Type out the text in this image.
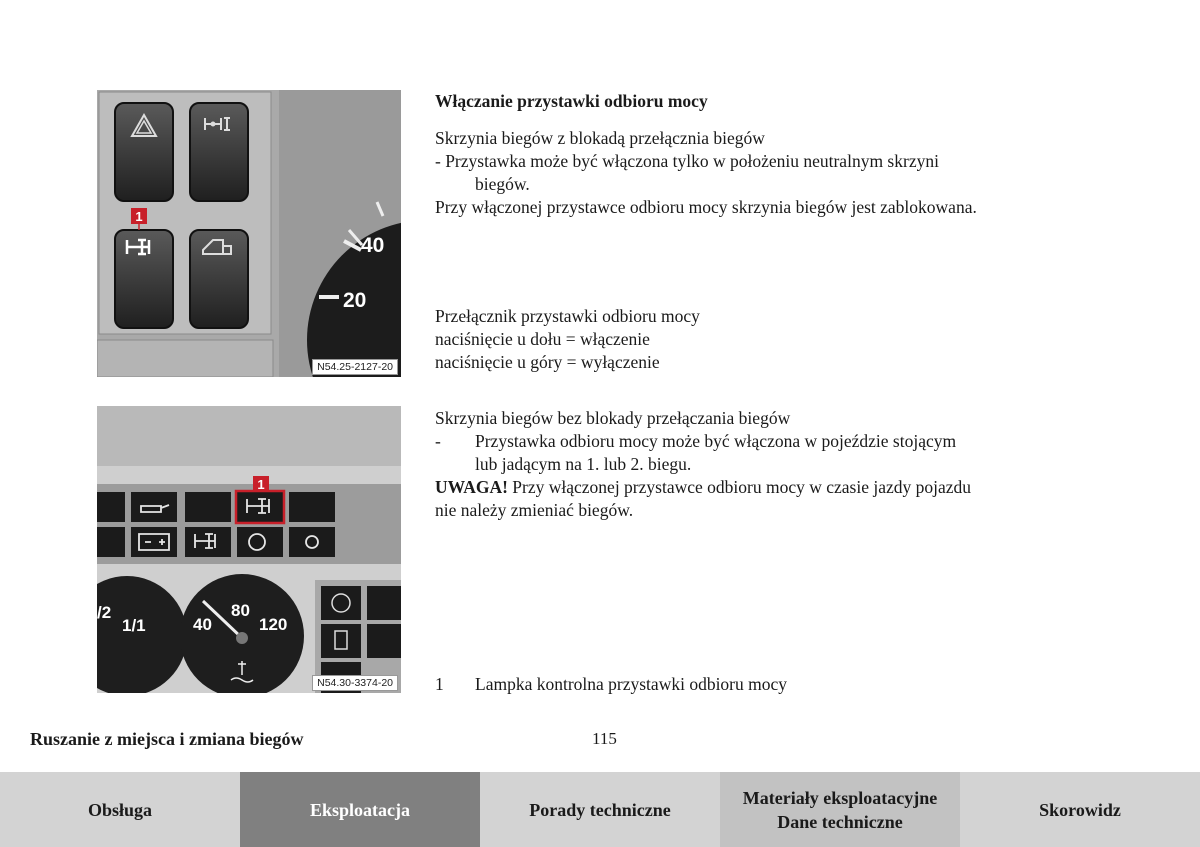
40
20
1
N54.25-2127-20
1
1/1
/2
40
80
120
N54.30-3374-20

Włączanie przystawki odbioru mocy

Skrzynia biegów z blokadą przełącznia biegów

- Przystawka może być włączona tylko w położeniu neutralnym skrzyni

biegów.

Przy włączonej przystawce odbioru mocy skrzynia biegów jest zablokowana.

Przełącznik przystawki odbioru mocy

naciśnięcie u dołu = włączenie

naciśnięcie u góry = wyłączenie

Skrzynia biegów bez blokady przełączania biegów

-	Przystawka odbioru mocy może być włączona w pojeździe stojącym

lub jadącym na 1. lub 2. biegu.

UWAGA! Przy włączonej przystawce odbioru mocy w czasie jazdy pojazdu

nie należy zmieniać biegów.

1	Lampka kontrolna przystawki odbioru mocy
Ruszanie z miejsca i zmiana biegów	115
Obsługa	Eksploatacja	Porady techniczne
Materiały eksploatacyjne
Dane techniczne
Skorowidz
